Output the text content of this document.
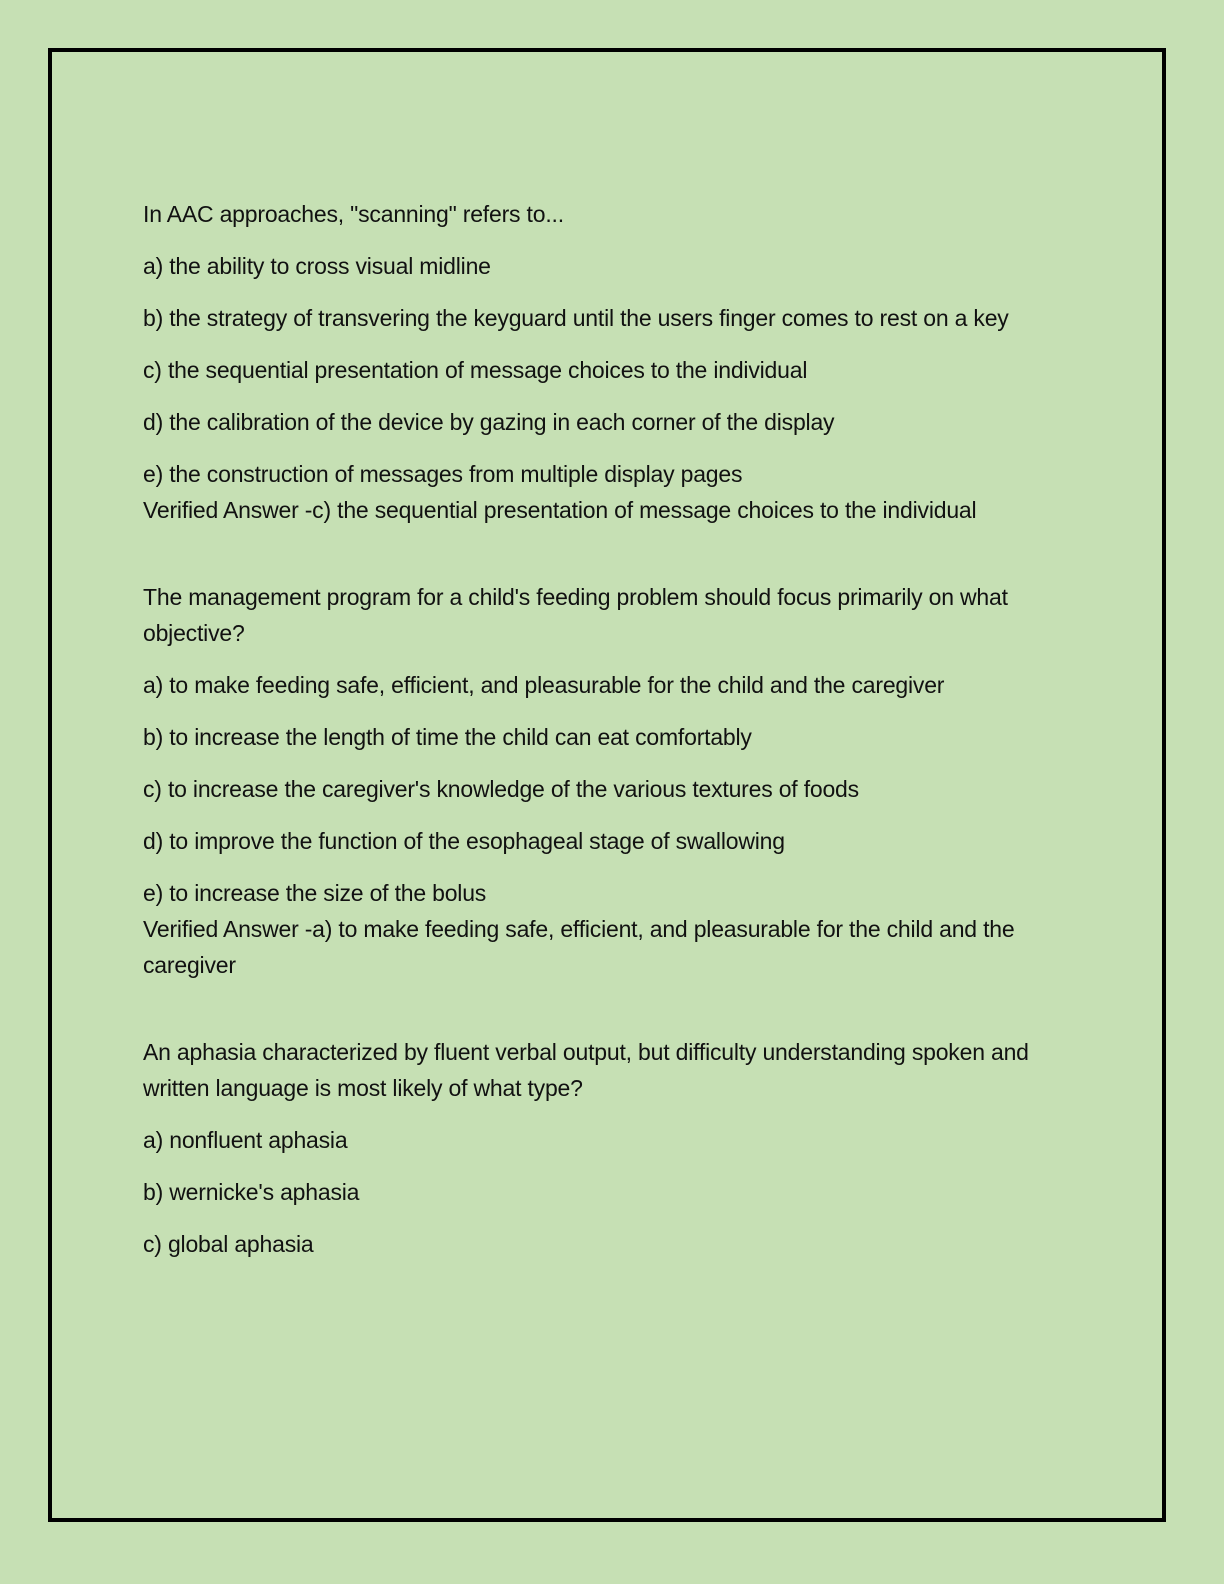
In AAC approaches, "scanning" refers to...

a) the ability to cross visual midline

b) the strategy of transvering the keyguard until the users finger comes to rest on a key

c) the sequential presentation of message choices to the individual

d) the calibration of the device by gazing in each corner of the display

e) the construction of messages from multiple display pages

Verified Answer -c) the sequential presentation of message choices to the individual

The management program for a child's feeding problem should focus primarily on what objective?

a) to make feeding safe, efficient, and pleasurable for the child and the caregiver

b) to increase the length of time the child can eat comfortably

c) to increase the caregiver's knowledge of the various textures of foods

d) to improve the function of the esophageal stage of swallowing

e) to increase the size of the bolus

Verified Answer -a) to make feeding safe, efficient, and pleasurable for the child and the caregiver

An aphasia characterized by fluent verbal output, but difficulty understanding spoken and written language is most likely of what type?

a) nonfluent aphasia

b) wernicke's aphasia

c) global aphasia
